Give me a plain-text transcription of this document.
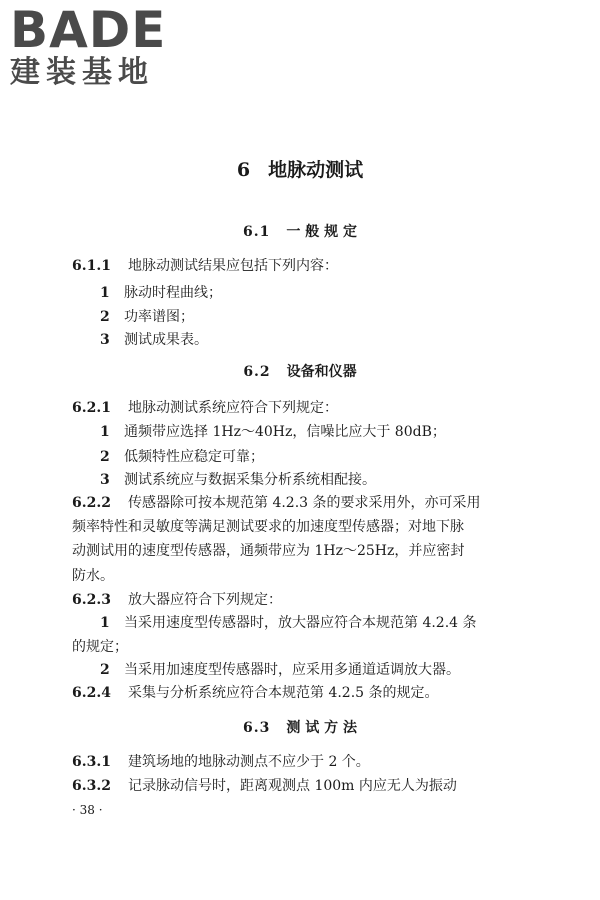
BADE
建装基地
6 地脉动测试
6.1 一 般 规 定
6.2 设备和仪器
6.3 测 试 方 法
6.1.1 地脉动测试结果应包括下列内容：
1 脉动时程曲线；
2 功率谱图；
3 测试成果表。
6.2.1 地脉动测试系统应符合下列规定：
1 通频带应选择 1Hz～40Hz，信噪比应大于 80dB；
2 低频特性应稳定可靠；
3 测试系统应与数据采集分析系统相配接。
6.2.2 传感器除可按本规范第 4.2.3 条的要求采用外，亦可采用
频率特性和灵敏度等满足测试要求的加速度型传感器；对地下脉
动测试用的速度型传感器，通频带应为 1Hz～25Hz，并应密封
防水。
6.2.3 放大器应符合下列规定：
1 当采用速度型传感器时，放大器应符合本规范第 4.2.4 条
的规定；
2 当采用加速度型传感器时，应采用多通道适调放大器。
6.2.4 采集与分析系统应符合本规范第 4.2.5 条的规定。
6.3.1 建筑场地的地脉动测点不应少于 2 个。
6.3.2 记录脉动信号时，距离观测点 100m 内应无人为振动
· 38 ·
